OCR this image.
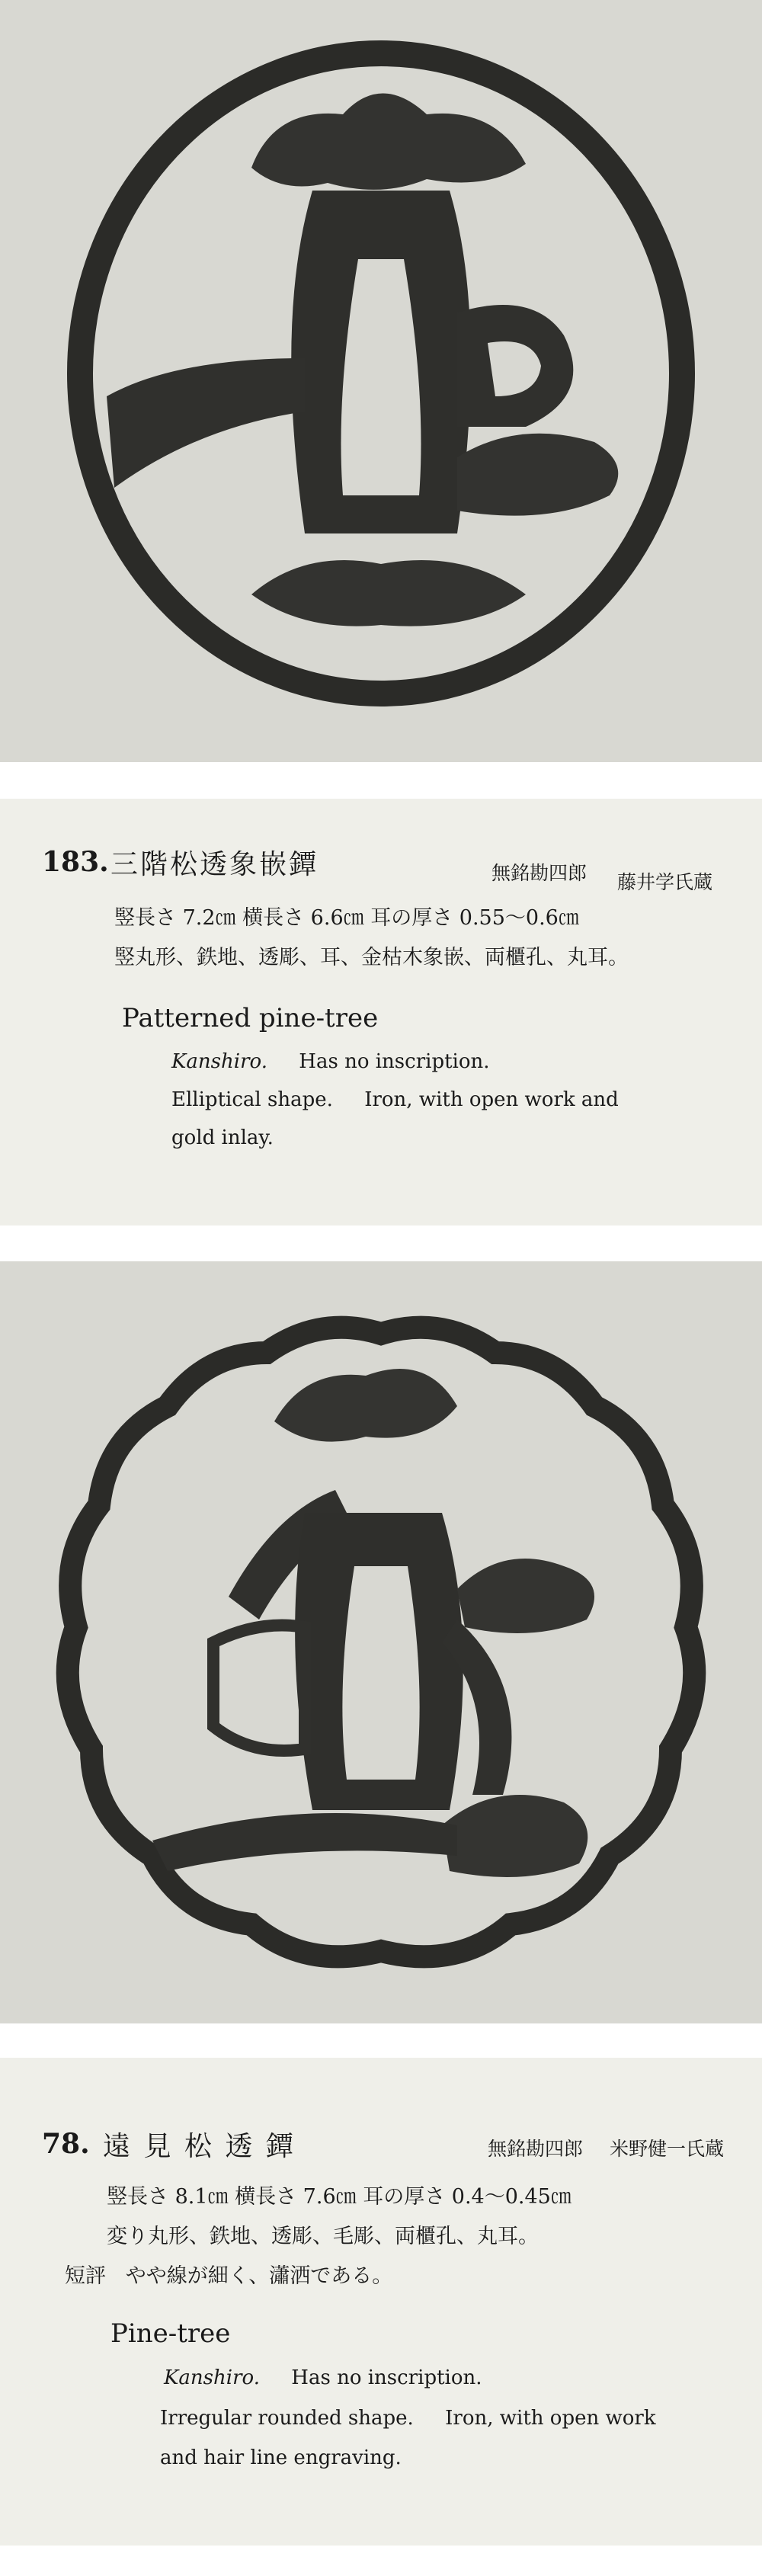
183. 三階松透象嵌鐔	無銘勘四郎 藤井学氏蔵
竪長さ 7.2㎝ 横長さ 6.6㎝ 耳の厚さ 0.55～0.6㎝
竪丸形、鉄地、透彫、耳、金枯木象嵌、両櫃孔、丸耳。
Patterned pine-tree
Kanshiro. Has no inscription.
Elliptical shape. Iron, with open work and
gold inlay.
78. 遠 見 松 透 鐔	無銘勘四郎 米野健一氏蔵
竪長さ 8.1㎝ 横長さ 7.6㎝ 耳の厚さ 0.4～0.45㎝
変り丸形、鉄地、透彫、毛彫、両櫃孔、丸耳。
短評 やや線が細く、瀟洒である。
Pine-tree
Kanshiro. Has no inscription.
Irregular rounded shape. Iron, with open work
and hair line engraving.
